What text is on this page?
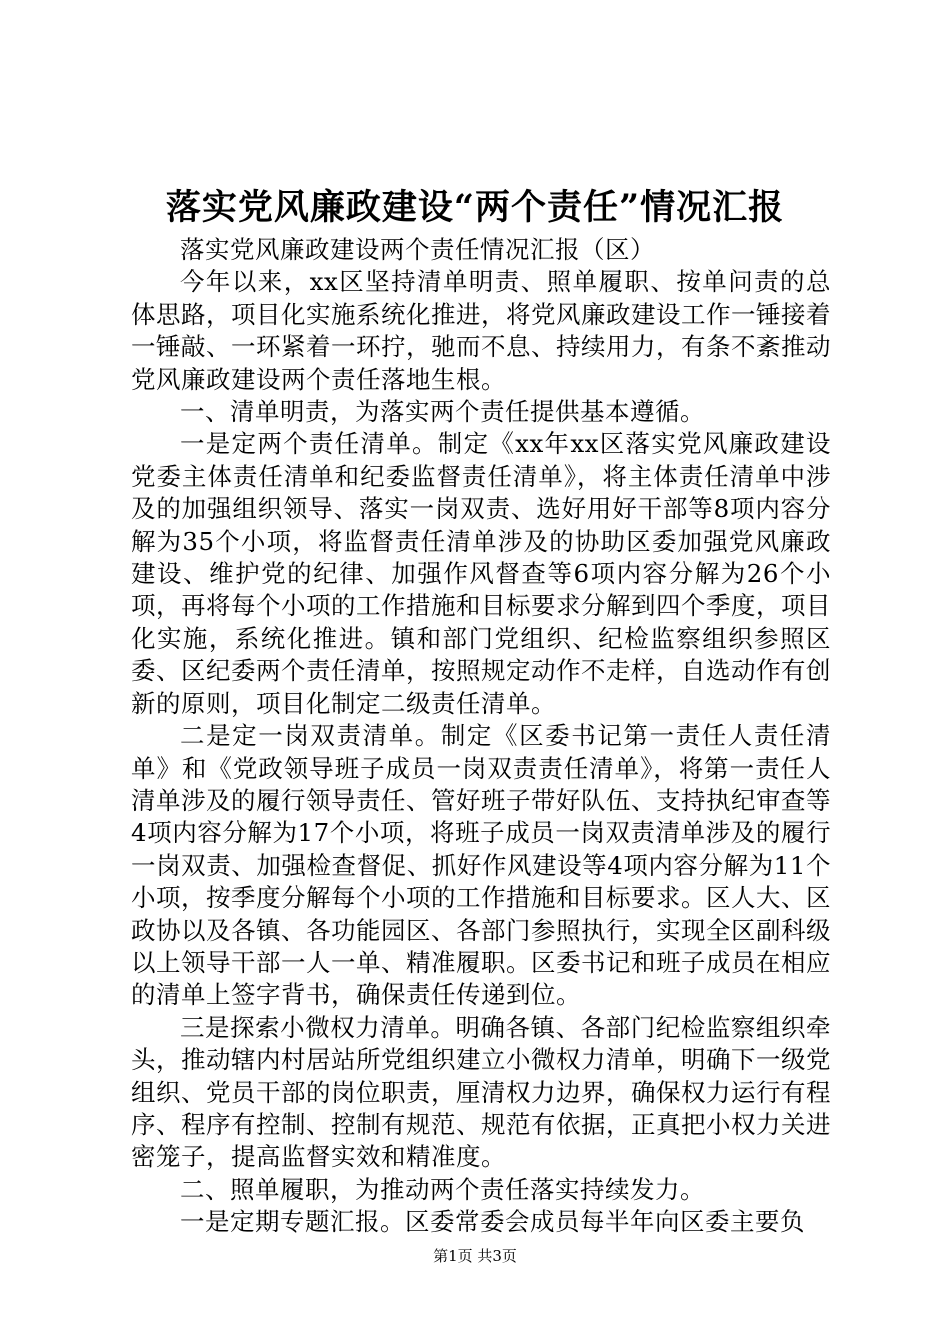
落实党风廉政建设“两个责任”情况汇报

落实党风廉政建设两个责任情况汇报（区）

今年以来，xx区坚持清单明责、照单履职、按单问责的总体思路，项目化实施系统化推进，将党风廉政建设工作一锤接着一锤敲、一环紧着一环拧，驰而不息、持续用力，有条不紊推动党风廉政建设两个责任落地生根。

一、清单明责，为落实两个责任提供基本遵循。

一是定两个责任清单。制定《xx年xx区落实党风廉政建设党委主体责任清单和纪委监督责任清单》，将主体责任清单中涉及的加强组织领导、落实一岗双责、选好用好干部等8项内容分解为35个小项，将监督责任清单涉及的协助区委加强党风廉政建设、维护党的纪律、加强作风督查等6项内容分解为26个小项，再将每个小项的工作措施和目标要求分解到四个季度，项目化实施，系统化推进。镇和部门党组织、纪检监察组织参照区委、区纪委两个责任清单，按照规定动作不走样，自选动作有创新的原则，项目化制定二级责任清单。

二是定一岗双责清单。制定《区委书记第一责任人责任清单》和《党政领导班子成员一岗双责责任清单》，将第一责任人清单涉及的履行领导责任、管好班子带好队伍、支持执纪审查等4项内容分解为17个小项，将班子成员一岗双责清单涉及的履行一岗双责、加强检查督促、抓好作风建设等4项内容分解为11个小项，按季度分解每个小项的工作措施和目标要求。区人大、区政协以及各镇、各功能园区、各部门参照执行，实现全区副科级以上领导干部一人一单、精准履职。区委书记和班子成员在相应的清单上签字背书，确保责任传递到位。

三是探索小微权力清单。明确各镇、各部门纪检监察组织牵头，推动辖内村居站所党组织建立小微权力清单，明确下一级党组织、党员干部的岗位职责，厘清权力边界，确保权力运行有程序、程序有控制、控制有规范、规范有依据，正真把小权力关进密笼子，提高监督实效和精准度。

二、照单履职，为推动两个责任落实持续发力。

一是定期专题汇报。区委常委会成员每半年向区委主要负

第1页 共3页
